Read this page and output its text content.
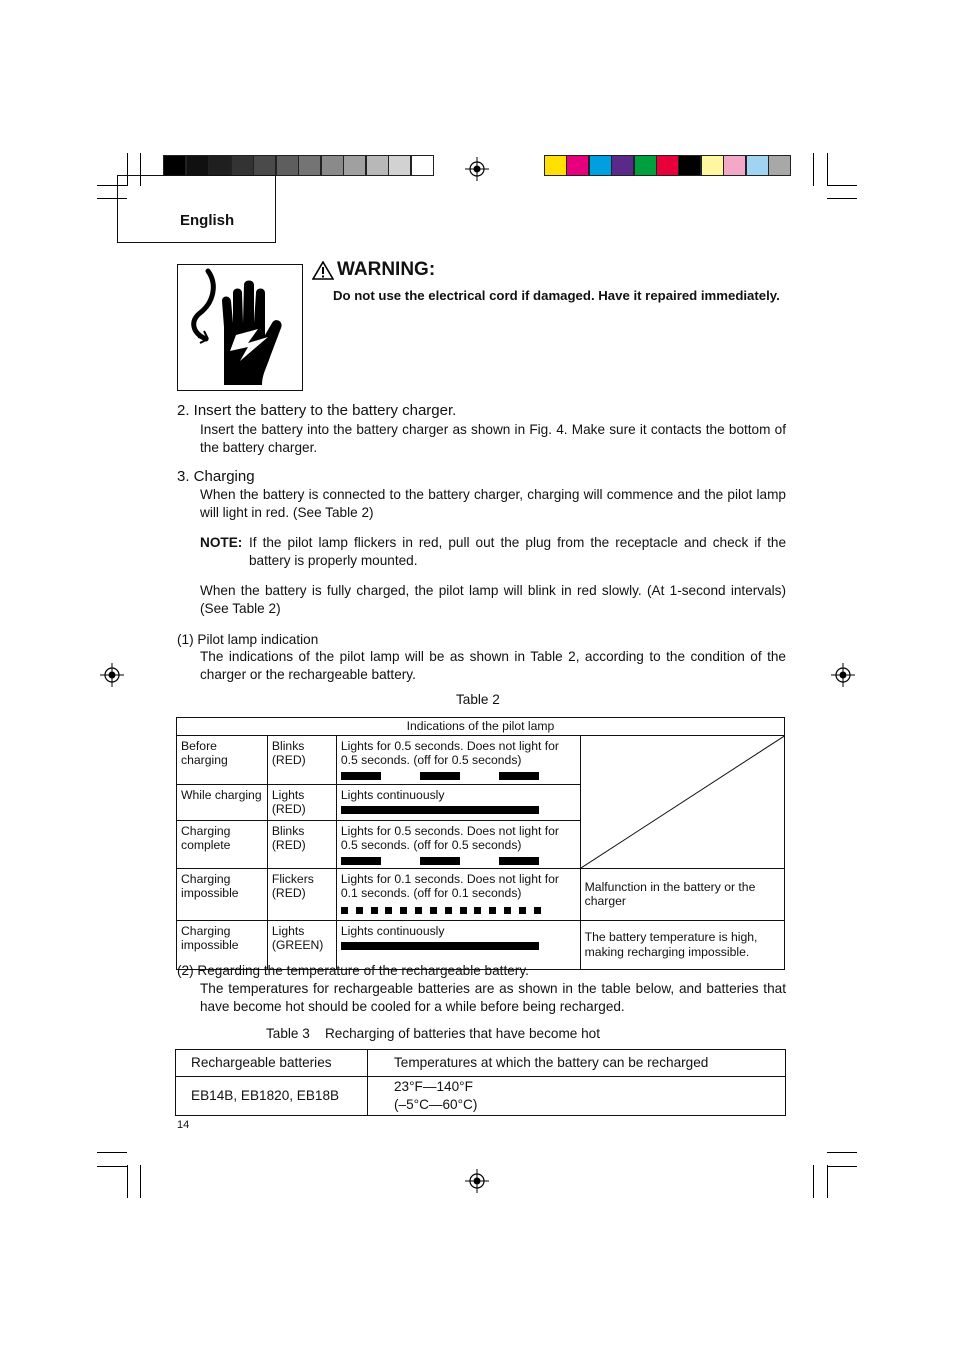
English
WARNING:
Do not use the electrical cord if damaged. Have it repaired immediately.
2. Insert the battery to the battery charger.
Insert the battery into the battery charger as shown in Fig. 4. Make sure it contacts the bottom of the battery charger.
3. Charging
When the battery is connected to the battery charger, charging will commence and the pilot lamp will light in red. (See Table 2)
NOTE: If the pilot lamp flickers in red, pull out the plug from the receptacle and check if the battery is properly mounted.
When the battery is fully charged, the pilot lamp will blink in red slowly. (At 1-second intervals) (See Table 2)
(1) Pilot lamp indication
The indications of the pilot lamp will be as shown in Table 2, according to the condition of the charger or the rechargeable battery.
Table 2
Indications of the pilot lamp			

Before charging	Blinks (RED)	Lights for 0.5 seconds. Does not light for 0.5 seconds. (off for 0.5 seconds)

While charging	Lights (RED)	Lights continuously	

Charging complete	Blinks (RED)	Lights for 0.5 seconds. Does not light for 0.5 seconds. (off for 0.5 seconds)	

Charging impossible	Flickers (RED)	Lights for 0.1 seconds. Does not light for 0.1 seconds. (off for 0.1 seconds)	Malfunction in the battery or the charger

Charging impossible	Lights (GREEN)	Lights continuously	The battery temperature is high, making recharging impossible.
(2) Regarding the temperature of the rechargeable battery.
The temperatures for rechargeable batteries are as shown in the table below, and batteries that have become hot should be cooled for a while before being recharged.
Table 3    Recharging of batteries that have become hot
Rechargeable batteries	Temperatures at which the battery can be recharged
EB14B, EB1820, EB18B	23°F—140°F
(–5°C—60°C)
14
